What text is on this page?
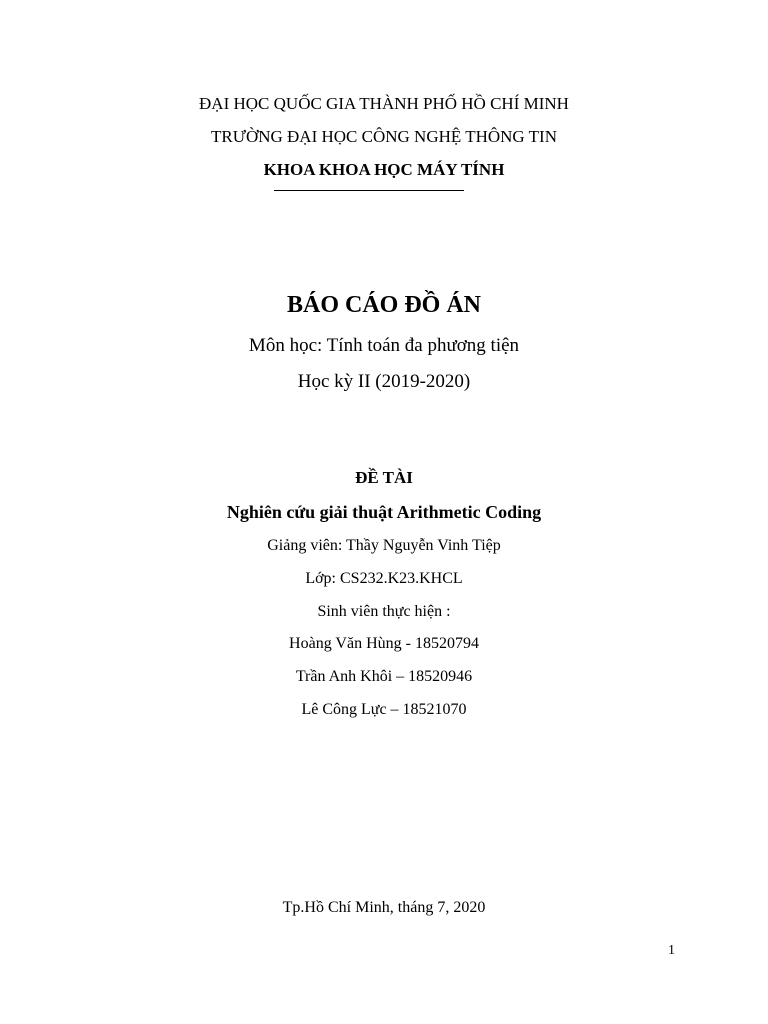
ĐẠI HỌC QUỐC GIA THÀNH PHỐ HỒ CHÍ MINH
TRƯỜNG ĐẠI HỌC CÔNG NGHỆ THÔNG TIN
KHOA KHOA HỌC MÁY TÍNH
BÁO CÁO ĐỒ ÁN
Môn học: Tính toán đa phương tiện
Học kỳ II (2019-2020)
ĐỀ TÀI
Nghiên cứu giải thuật Arithmetic Coding
Giảng viên: Thầy Nguyễn Vinh Tiệp
Lớp: CS232.K23.KHCL
Sinh viên thực hiện :
Hoàng Văn Hùng - 18520794
Trần Anh Khôi – 18520946
Lê Công Lực – 18521070
Tp.Hồ Chí Minh, tháng 7, 2020
1
